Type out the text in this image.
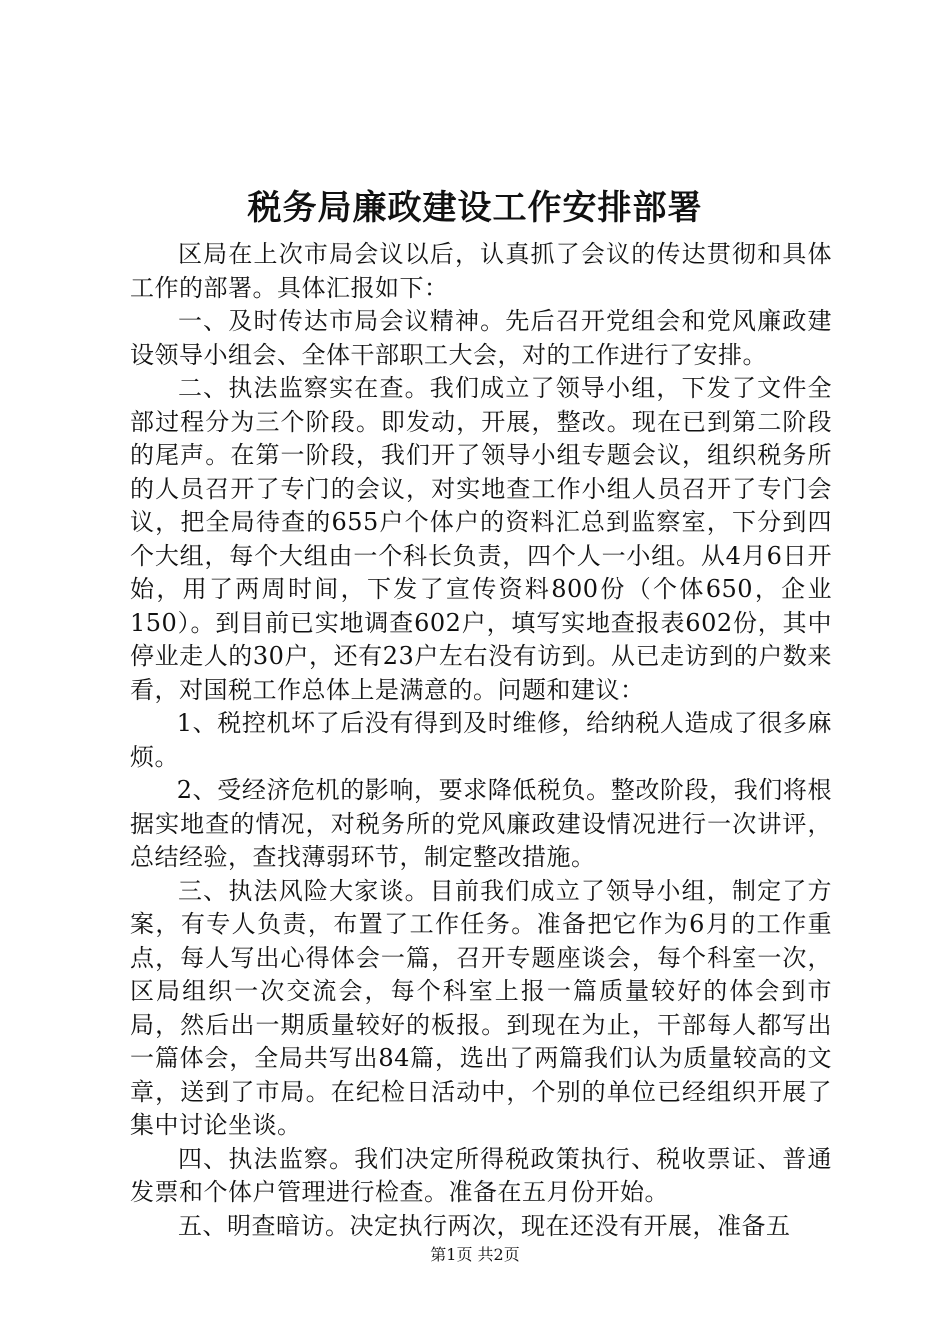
税务局廉政建设工作安排部署

区局在上次市局会议以后，认真抓了会议的传达贯彻和具体工作的部署。具体汇报如下：

一、及时传达市局会议精神。先后召开党组会和党风廉政建设领导小组会、全体干部职工大会，对的工作进行了安排。

二、执法监察实在查。我们成立了领导小组，下发了文件全部过程分为三个阶段。即发动，开展，整改。现在已到第二阶段的尾声。在第一阶段，我们开了领导小组专题会议，组织税务所的人员召开了专门的会议，对实地查工作小组人员召开了专门会议，把全局待查的655户个体户的资料汇总到监察室，下分到四个大组，每个大组由一个科长负责，四个人一小组。从4月6日开始，用了两周时间，下发了宣传资料800份（个体650，企业150）。到目前已实地调查602户，填写实地查报表602份，其中停业走人的30户，还有23户左右没有访到。从已走访到的户数来看，对国税工作总体上是满意的。问题和建议：

1、税控机坏了后没有得到及时维修，给纳税人造成了很多麻烦。

2、受经济危机的影响，要求降低税负。整改阶段，我们将根据实地查的情况，对税务所的党风廉政建设情况进行一次讲评，总结经验，查找薄弱环节，制定整改措施。

三、执法风险大家谈。目前我们成立了领导小组，制定了方案，有专人负责，布置了工作任务。准备把它作为6月的工作重点，每人写出心得体会一篇，召开专题座谈会，每个科室一次，区局组织一次交流会，每个科室上报一篇质量较好的体会到市局，然后出一期质量较好的板报。到现在为止，干部每人都写出一篇体会，全局共写出84篇，选出了两篇我们认为质量较高的文章，送到了市局。在纪检日活动中，个别的单位已经组织开展了集中讨论坐谈。

四、执法监察。我们决定所得税政策执行、税收票证、普通发票和个体户管理进行检查。准备在五月份开始。

五、明查暗访。决定执行两次，现在还没有开展，准备五

第1页 共2页
